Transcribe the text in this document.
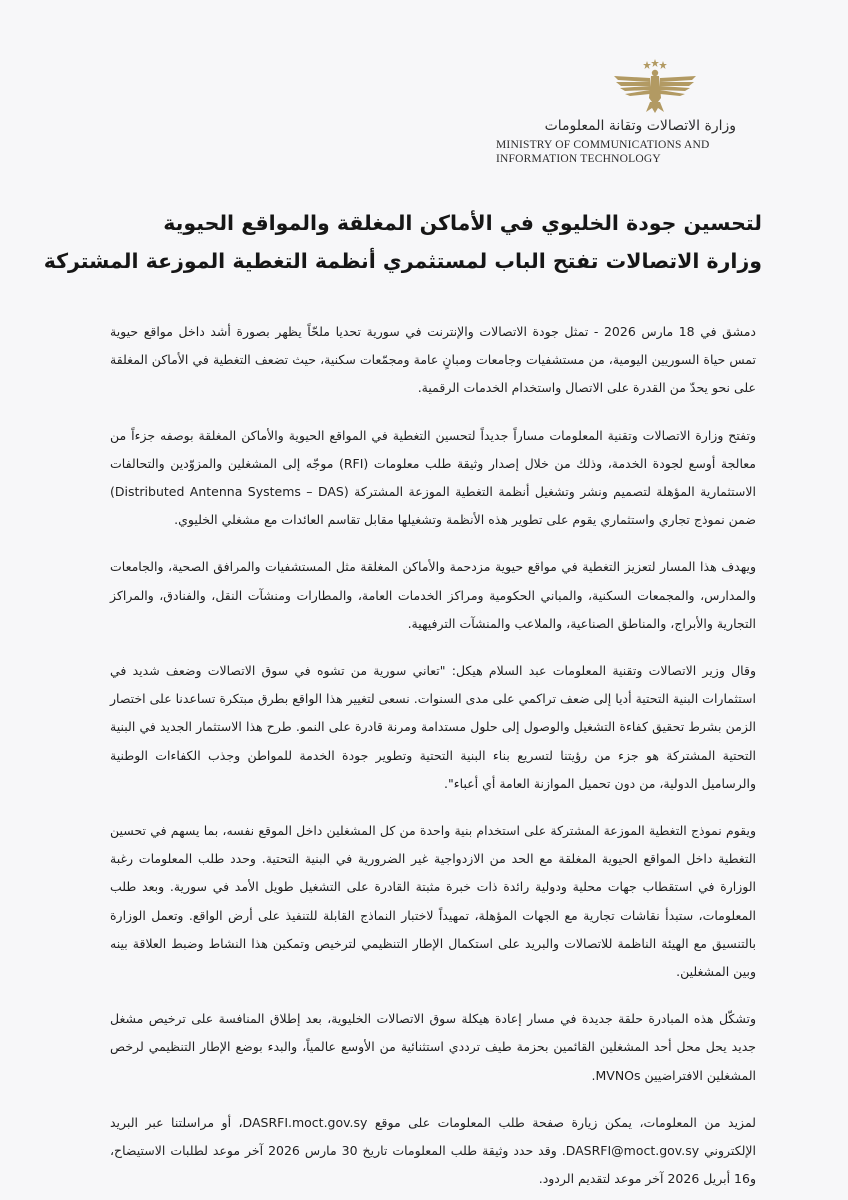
وزارة الاتصالات وتقانة المعلومات
MINISTRY OF COMMUNICATIONS AND
INFORMATION TECHNOLOGY
لتحسين جودة الخليوي في الأماكن المغلقة والمواقع الحيوية
وزارة الاتصالات تفتح الباب لمستثمري أنظمة التغطية الموزعة المشتركة

دمشق في 18 مارس 2026 - تمثل جودة الاتصالات والإنترنت في سورية تحديا ملحّاً يظهر بصورة أشد داخل مواقع حيوية تمس حياة السوريين اليومية، من مستشفيات وجامعات ومبانٍ عامة ومجمّعات سكنية، حيث تضعف التغطية في الأماكن المغلقة على نحو يحدّ من القدرة على الاتصال واستخدام الخدمات الرقمية.

وتفتح وزارة الاتصالات وتقنية المعلومات مساراً جديداً لتحسين التغطية في المواقع الحيوية والأماكن المغلقة بوصفه جزءاً من معالجة أوسع لجودة الخدمة، وذلك من خلال إصدار وثيقة طلب معلومات (RFI) موجّه إلى المشغلين والمزوّدين والتحالفات الاستثمارية المؤهلة لتصميم ونشر وتشغيل أنظمة التغطية الموزعة المشتركة (Distributed Antenna Systems – DAS) ضمن نموذج تجاري واستثماري يقوم على تطوير هذه الأنظمة وتشغيلها مقابل تقاسم العائدات مع مشغلي الخليوي.

ويهدف هذا المسار لتعزيز التغطية في مواقع حيوية مزدحمة والأماكن المغلقة مثل المستشفيات والمرافق الصحية، والجامعات والمدارس، والمجمعات السكنية، والمباني الحكومية ومراكز الخدمات العامة، والمطارات ومنشآت النقل، والفنادق، والمراكز التجارية والأبراج، والمناطق الصناعية، والملاعب والمنشآت الترفيهية.

وقال وزير الاتصالات وتقنية المعلومات عبد السلام هيكل: "تعاني سورية من تشوه في سوق الاتصالات وضعف شديد في استثمارات البنية التحتية أديا إلى ضعف تراكمي على مدى السنوات. نسعى لتغيير هذا الواقع بطرق مبتكرة تساعدنا على اختصار الزمن بشرط تحقيق كفاءة التشغيل والوصول إلى حلول مستدامة ومرنة قادرة على النمو. طرح هذا الاستثمار الجديد في البنية التحتية المشتركة هو جزء من رؤيتنا لتسريع بناء البنية التحتية وتطوير جودة الخدمة للمواطن وجذب الكفاءات الوطنية والرساميل الدولية، من دون تحميل الموازنة العامة أي أعباء".

ويقوم نموذج التغطية الموزعة المشتركة على استخدام بنية واحدة من كل المشغلين داخل الموقع نفسه، بما يسهم في تحسين التغطية داخل المواقع الحيوية المغلقة مع الحد من الازدواجية غير الضرورية في البنية التحتية. وحدد طلب المعلومات رغبة الوزارة في استقطاب جهات محلية ودولية رائدة ذات خبرة مثبتة القادرة على التشغيل طويل الأمد في سورية. وبعد طلب المعلومات، ستبدأ نقاشات تجارية مع الجهات المؤهلة، تمهيداً لاختبار النماذج القابلة للتنفيذ على أرض الواقع. وتعمل الوزارة بالتنسيق مع الهيئة الناظمة للاتصالات والبريد على استكمال الإطار التنظيمي لترخيص وتمكين هذا النشاط وضبط العلاقة بينه وبين المشغلين.

وتشكّل هذه المبادرة حلقة جديدة في مسار إعادة هيكلة سوق الاتصالات الخليوية، بعد إطلاق المنافسة على ترخيص مشغل جديد يحل محل أحد المشغلين القائمين بحزمة طيف ترددي استثنائية من الأوسع عالمياً، والبدء بوضع الإطار التنظيمي لرخص المشغلين الافتراضيين MVNOs.

لمزيد من المعلومات، يمكن زيارة صفحة طلب المعلومات على موقع DASRFI.moct.gov.sy، أو مراسلتنا عبر البريد الإلكتروني DASRFI@moct.gov.sy. وقد حدد وثيقة طلب المعلومات تاريخ 30 مارس 2026 آخر موعد لطلبات الاستيضاح، و16 أبريل 2026 آخر موعد لتقديم الردود.
